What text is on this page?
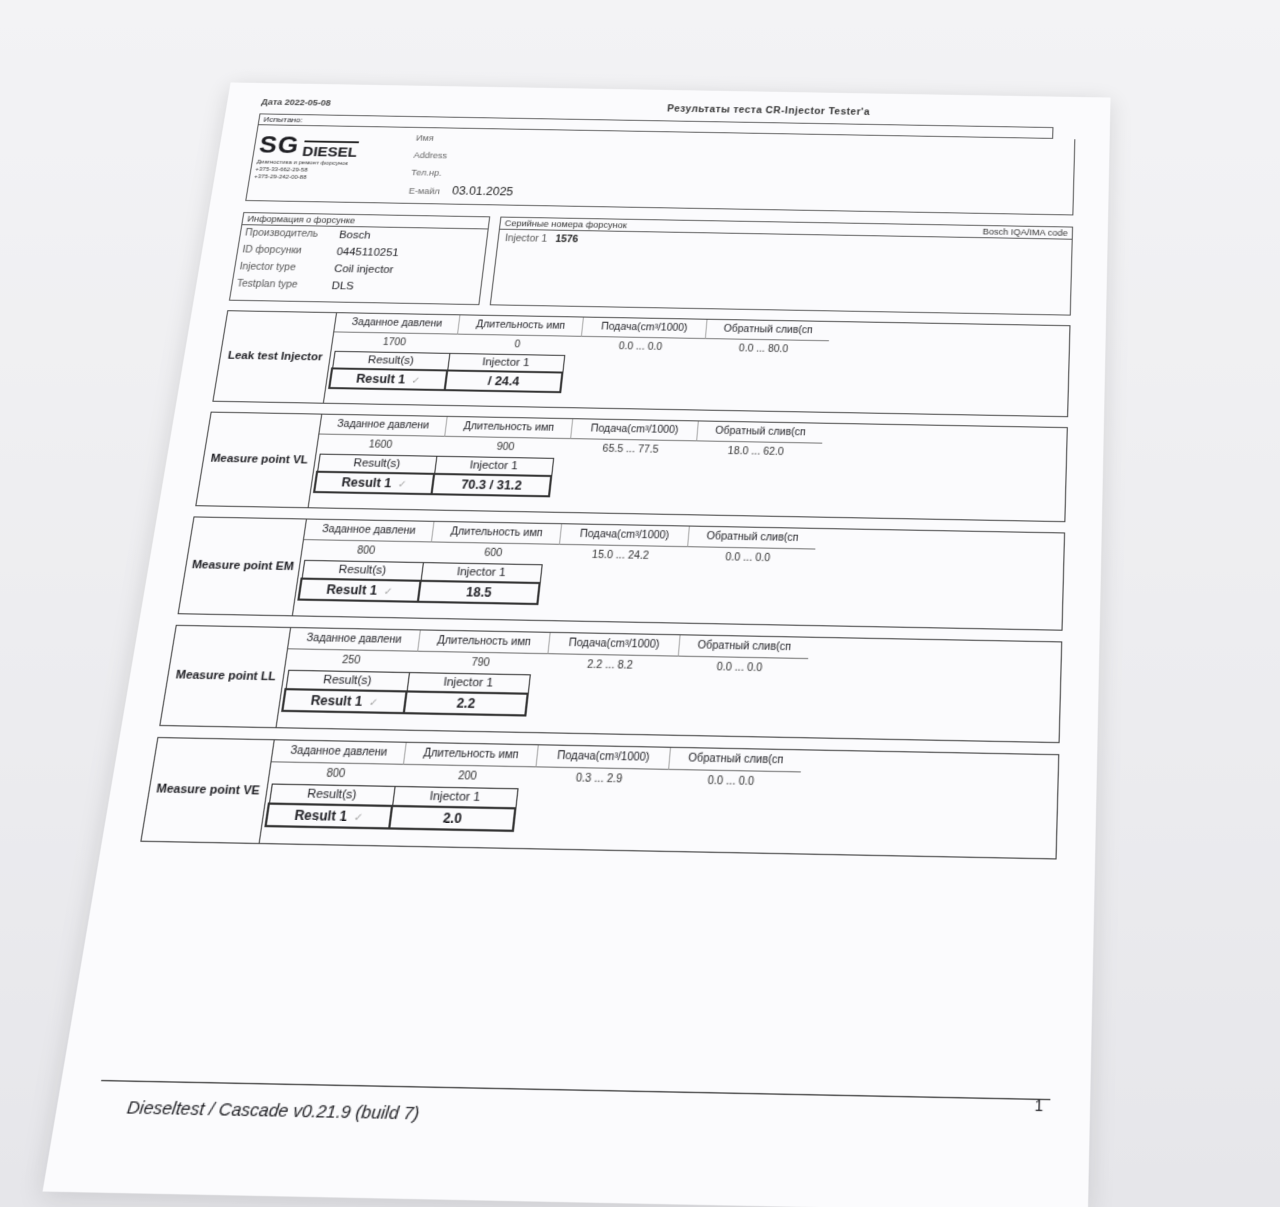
Дата 2022-05-08
Результаты теста CR-Injector Tester'a
Испытано:
SG DIESEL
Диагностика и ремонт форсунок
+375-33-662-29-58
+375-29-242-00-88
Имя
Address
Тел.нр.
E-майл 03.01.2025
Информация о форсунке
Производитель	Bosch
ID форсунки	0445110251
Injector type	Coil injector
Testplan type	DLS
Серийные номера форсунок
Bosch IQA/IMA code
Injector 1 1576
Leak test Injector
Заданное давлени	Длительность имп	Подача(cm³/1000)	Обратный слив(сп
1700	0	0.0 ... 0.0	0.0 ... 80.0
Result(s)	Injector 1
Result 1 ✓	/ 24.4
Measure point VL
Заданное давлени	Длительность имп	Подача(cm³/1000)	Обратный слив(сп
1600	900	65.5 ... 77.5	18.0 ... 62.0
Result(s)	Injector 1
Result 1 ✓	70.3 / 31.2
Measure point EM
Заданное давлени	Длительность имп	Подача(cm³/1000)	Обратный слив(сп
800	600	15.0 ... 24.2	0.0 ... 0.0
Result(s)	Injector 1
Result 1 ✓	18.5
Measure point LL
Заданное давлени	Длительность имп	Подача(cm³/1000)	Обратный слив(сп
250	790	2.2 ... 8.2	0.0 ... 0.0
Result(s)	Injector 1
Result 1 ✓	2.2
Measure point VE
Заданное давлени	Длительность имп	Подача(cm³/1000)	Обратный слив(сп
800	200	0.3 ... 2.9	0.0 ... 0.0
Result(s)	Injector 1
Result 1 ✓	2.0
Dieseltest / Cascade v0.21.9 (build 7)	1
